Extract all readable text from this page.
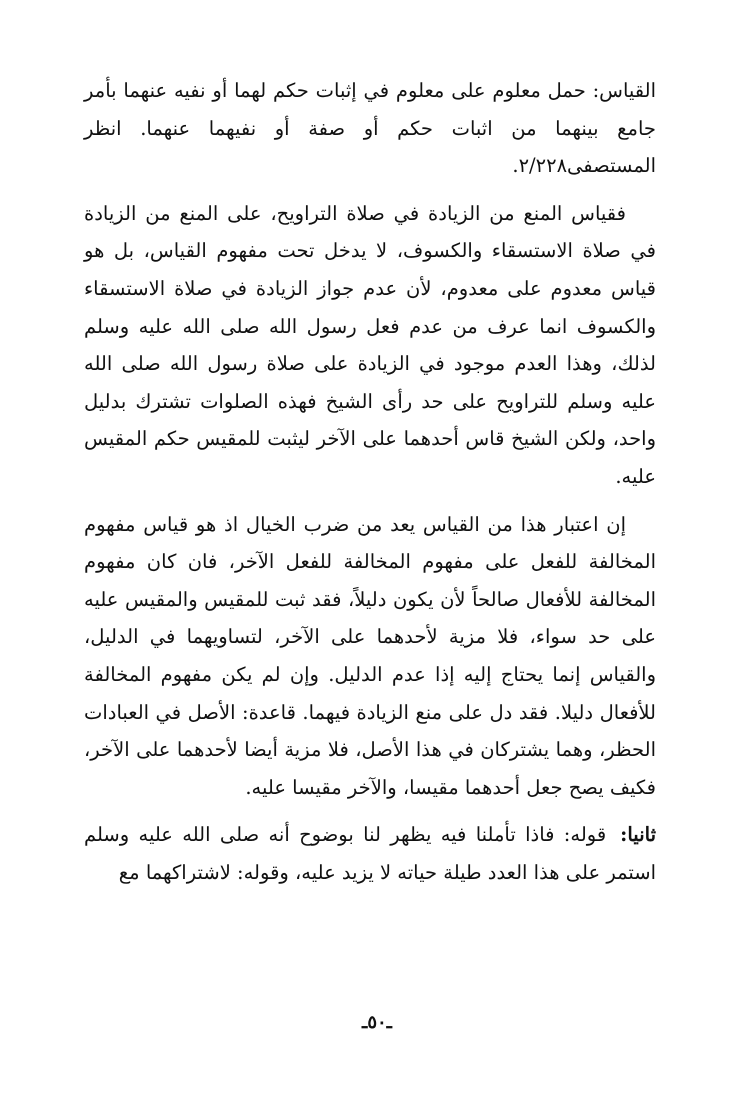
القياس: حمل معلوم على معلوم في إثبات حكم لهما أو نفيه عنهما بأمر جامع بينهما من اثبات حكم أو صفة أو نفيهما عنهما. انظر المستصفى٢/٢٢٨.

فقياس المنع من الزيادة في صلاة التراويح، على المنع من الزيادة في صلاة الاستسقاء والكسوف، لا يدخل تحت مفهوم القياس، بل هو قياس معدوم على معدوم، لأن عدم جواز الزيادة في صلاة الاستسقاء والكسوف انما عرف من عدم فعل رسول الله صلى الله عليه وسلم لذلك، وهذا العدم موجود في الزيادة على صلاة رسول الله صلى الله عليه وسلم للتراويح على حد رأى الشيخ فهذه الصلوات تشترك بدليل واحد، ولكن الشيخ قاس أحدهما على الآخر ليثبت للمقيس حكم المقيس عليه.

إن اعتبار هذا من القياس يعد من ضرب الخيال اذ هو قياس مفهوم المخالفة للفعل على مفهوم المخالفة للفعل الآخر، فان كان مفهوم المخالفة للأفعال صالحاً لأن يكون دليلاً، فقد ثبت للمقيس والمقيس عليه على حد سواء، فلا مزية لأحدهما على الآخر، لتساويهما في الدليل، والقياس إنما يحتاج إليه إذا عدم الدليل. وإن لم يكن مفهوم المخالفة للأفعال دليلا. فقد دل على منع الزيادة فيهما. قاعدة: الأصل في العبادات الحظر، وهما يشتركان في هذا الأصل، فلا مزية أيضا لأحدهما على الآخر، فكيف يصح جعل أحدهما مقيسا، والآخر مقيسا عليه.

ثانيا:قوله: فاذا تأملنا فيه يظهر لنا بوضوح أنه صلى الله عليه وسلم استمر على هذا العدد طيلة حياته لا يزيد عليه، وقوله: لاشتراكهما مع

ـ٥٠ـ
